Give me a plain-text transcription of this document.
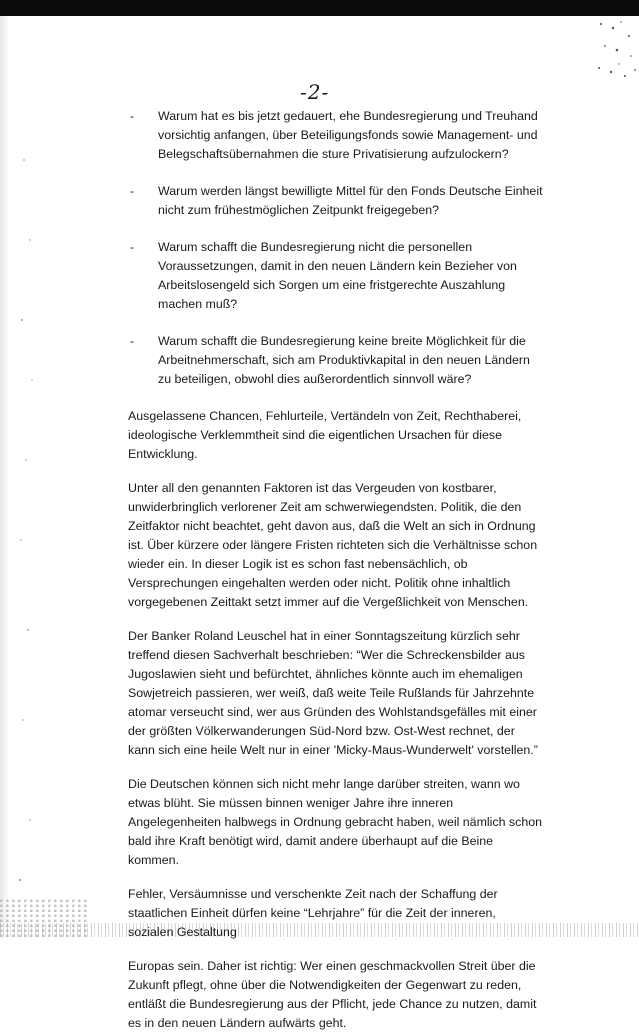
-2-
- Warum hat es bis jetzt gedauert, ehe Bundesregierung und Treuhand vorsichtig anfangen, über Beteiligungsfonds sowie Management- und Belegschaftsübernahmen die sture Privatisierung aufzulockern?
- Warum werden längst bewilligte Mittel für den Fonds Deutsche Einheit nicht zum frühestmöglichen Zeitpunkt freigegeben?
- Warum schafft die Bundesregierung nicht die personellen Voraussetzungen, damit in den neuen Ländern kein Bezieher von Arbeitslosengeld sich Sorgen um eine fristgerechte Auszahlung machen muß?
- Warum schafft die Bundesregierung keine breite Möglichkeit für die Arbeitnehmerschaft, sich am Produktivkapital in den neuen Ländern zu beteiligen, obwohl dies außerordentlich sinnvoll wäre?

Ausgelassene Chancen, Fehlurteile, Vertändeln von Zeit, Rechthaberei, ideologische Verklemmtheit sind die eigentlichen Ursachen für diese Entwicklung.

Unter all den genannten Faktoren ist das Vergeuden von kostbarer, unwiderbringlich verlorener Zeit am schwerwiegendsten. Politik, die den Zeitfaktor nicht beachtet, geht davon aus, daß die Welt an sich in Ordnung ist. Über kürzere oder längere Fristen richteten sich die Verhältnisse schon wieder ein. In dieser Logik ist es schon fast nebensächlich, ob Versprechungen eingehalten werden oder nicht. Politik ohne inhaltlich vorgegebenen Zeittakt setzt immer auf die Vergeßlichkeit von Menschen.

Der Banker Roland Leuschel hat in einer Sonntagszeitung kürzlich sehr treffend diesen Sachverhalt beschrieben: “Wer die Schreckensbilder aus Jugoslawien sieht und befürchtet, ähnliches könnte auch im ehemaligen Sowjetreich passieren, wer weiß, daß weite Teile Rußlands für Jahrzehnte atomar verseucht sind, wer aus Gründen des Wohlstandsgefälles mit einer der größten Völkerwanderungen Süd-Nord bzw. Ost-West rechnet, der kann sich eine heile Welt nur in einer 'Micky-Maus-Wunderwelt' vorstellen.”

Die Deutschen können sich nicht mehr lange darüber streiten, wann wo etwas blüht. Sie müssen binnen weniger Jahre ihre inneren Angelegenheiten halbwegs in Ordnung gebracht haben, weil nämlich schon bald ihre Kraft benötigt wird, damit andere überhaupt auf die Beine kommen.

Fehler, Versäumnisse und verschenkte Zeit nach der Schaffung der staatlichen Einheit dürfen keine “Lehrjahre” für die Zeit der inneren, sozialen Gestaltung

Europas sein. Daher ist richtig: Wer einen geschmackvollen Streit über die Zukunft pflegt, ohne über die Notwendigkeiten der Gegenwart zu reden, entläßt die Bundesregierung aus der Pflicht, jede Chance zu nutzen, damit es in den neuen Ländern aufwärts geht.
